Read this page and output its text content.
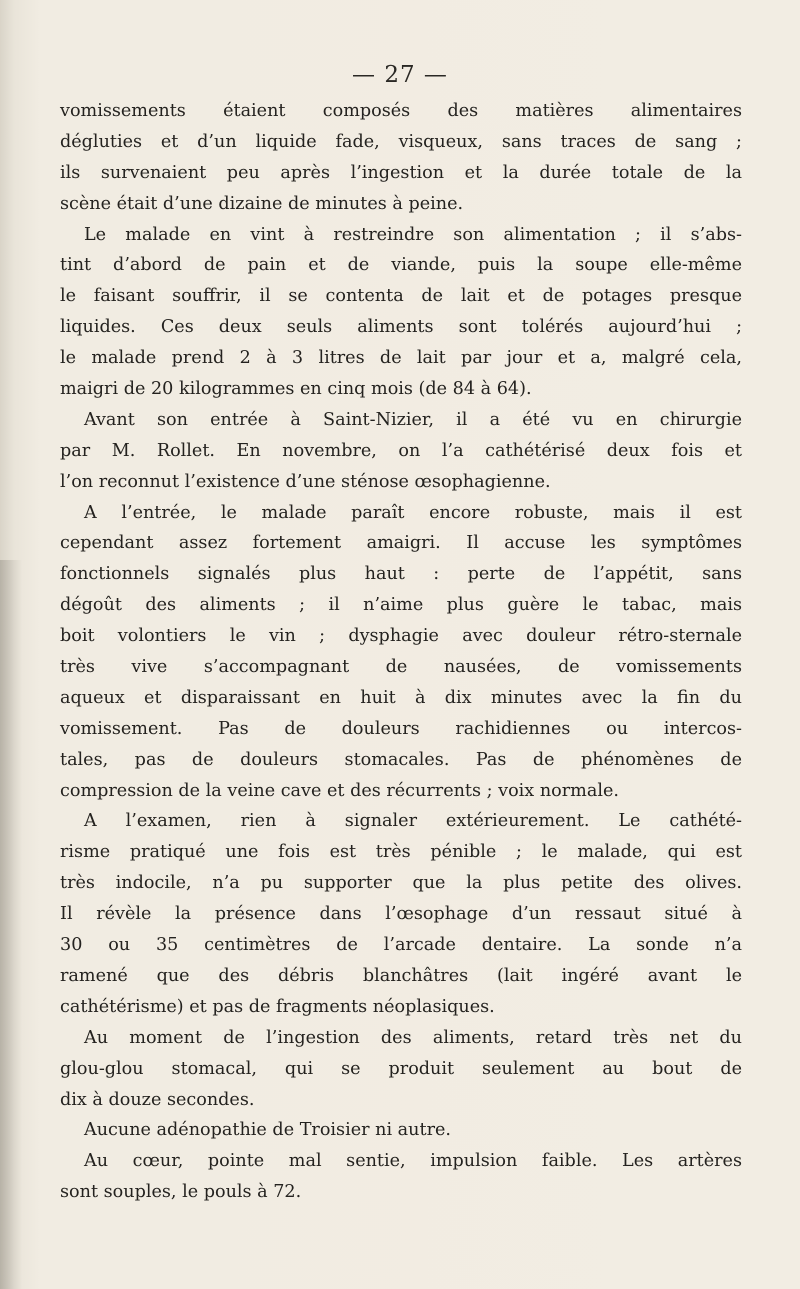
— 27 —
vomissements étaient composés des matières alimentaires
dégluties et d’un liquide fade, visqueux, sans traces de sang ;
ils survenaient peu après l’ingestion et la durée totale de la
scène était d’une dizaine de minutes à peine.
Le malade en vint à restreindre son alimentation ; il s’abs-
tint d’abord de pain et de viande, puis la soupe elle-même
le faisant souffrir, il se contenta de lait et de potages presque
liquides. Ces deux seuls aliments sont tolérés aujourd’hui ;
le malade prend 2 à 3 litres de lait par jour et a, malgré cela,
maigri de 20 kilogrammes en cinq mois (de 84 à 64).
Avant son entrée à Saint-Nizier, il a été vu en chirurgie
par M. Rollet. En novembre, on l’a cathétérisé deux fois et
l’on reconnut l’existence d’une sténose œsophagienne.
A l’entrée, le malade paraît encore robuste, mais il est
cependant assez fortement amaigri. Il accuse les symptômes
fonctionnels signalés plus haut : perte de l’appétit, sans
dégoût des aliments ; il n’aime plus guère le tabac, mais
boit volontiers le vin ; dysphagie avec douleur rétro-sternale
très vive s’accompagnant de nausées, de vomissements
aqueux et disparaissant en huit à dix minutes avec la fin du
vomissement. Pas de douleurs rachidiennes ou intercos-
tales, pas de douleurs stomacales. Pas de phénomènes de
compression de la veine cave et des récurrents ; voix normale.
A l’examen, rien à signaler extérieurement. Le cathété-
risme pratiqué une fois est très pénible ; le malade, qui est
très indocile, n’a pu supporter que la plus petite des olives.
Il révèle la présence dans l’œsophage d’un ressaut situé à
30 ou 35 centimètres de l’arcade dentaire. La sonde n’a
ramené que des débris blanchâtres (lait ingéré avant le
cathétérisme) et pas de fragments néoplasiques.
Au moment de l’ingestion des aliments, retard très net du
glou-glou stomacal, qui se produit seulement au bout de
dix à douze secondes.
Aucune adénopathie de Troisier ni autre.
Au cœur, pointe mal sentie, impulsion faible. Les artères
sont souples, le pouls à 72.
